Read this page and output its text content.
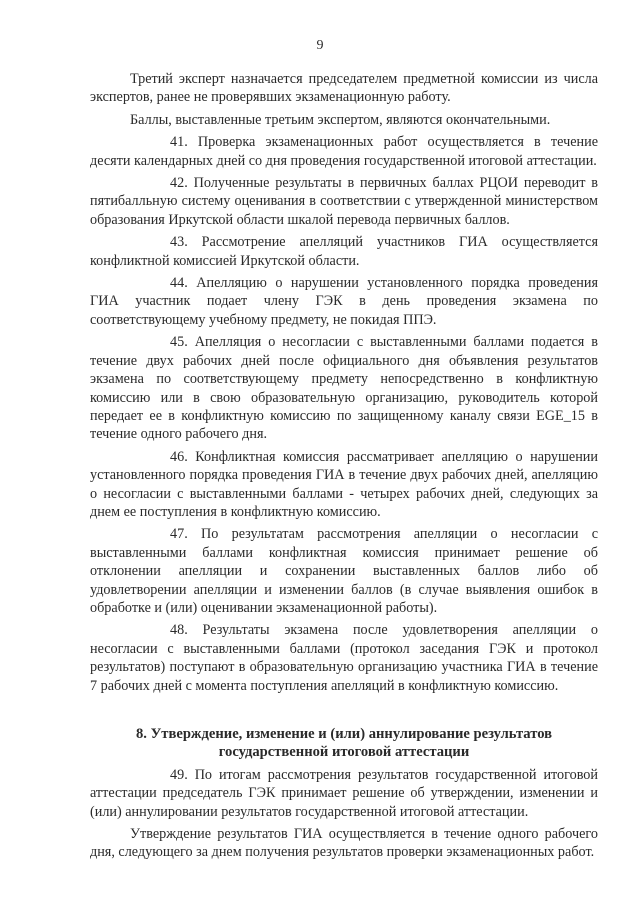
9

Третий эксперт назначается председателем предметной комиссии из числа экспертов, ранее не проверявших экзаменационную работу.

Баллы, выставленные третьим экспертом, являются окончательными.

41. Проверка экзаменационных работ осуществляется в течение десяти календарных дней со дня проведения государственной итоговой аттестации.

42. Полученные результаты в первичных баллах РЦОИ переводит в пятибалльную систему оценивания в соответствии с утвержденной министерством образования Иркутской области шкалой перевода первичных баллов.

43. Рассмотрение апелляций участников ГИА осуществляется конфликтной комиссией Иркутской области.

44. Апелляцию о нарушении установленного порядка проведения ГИА участник подает члену ГЭК в день проведения экзамена по соответствующему учебному предмету, не покидая ППЭ.

45. Апелляция о несогласии с выставленными баллами подается в течение двух рабочих дней после официального дня объявления результатов экзамена по соответствующему предмету непосредственно в конфликтную комиссию или в свою образовательную организацию, руководитель которой передает ее в конфликтную комиссию по защищенному каналу связи EGE_15 в течение одного рабочего дня.

46. Конфликтная комиссия рассматривает апелляцию о нарушении установленного порядка проведения ГИА в течение двух рабочих дней, апелляцию о несогласии с выставленными баллами - четырех рабочих дней, следующих за днем ее поступления в конфликтную комиссию.

47. По результатам рассмотрения апелляции о несогласии с выставленными баллами конфликтная комиссия принимает решение об отклонении апелляции и сохранении выставленных баллов либо об удовлетворении апелляции и изменении баллов (в случае выявления ошибок в обработке и (или) оценивании экзаменационной работы).

48. Результаты экзамена после удовлетворения апелляции о несогласии с выставленными баллами (протокол заседания ГЭК и протокол результатов) поступают в образовательную организацию участника ГИА в течение 7 рабочих дней с момента поступления апелляций в конфликтную комиссию.

8. Утверждение, изменение и (или) аннулирование результатов
государственной итоговой аттестации

49. По итогам рассмотрения результатов государственной итоговой аттестации председатель ГЭК принимает решение об утверждении, изменении и (или) аннулировании результатов государственной итоговой аттестации.

Утверждение результатов ГИА осуществляется в течение одного рабочего дня, следующего за днем получения результатов проверки экзаменационных работ.
